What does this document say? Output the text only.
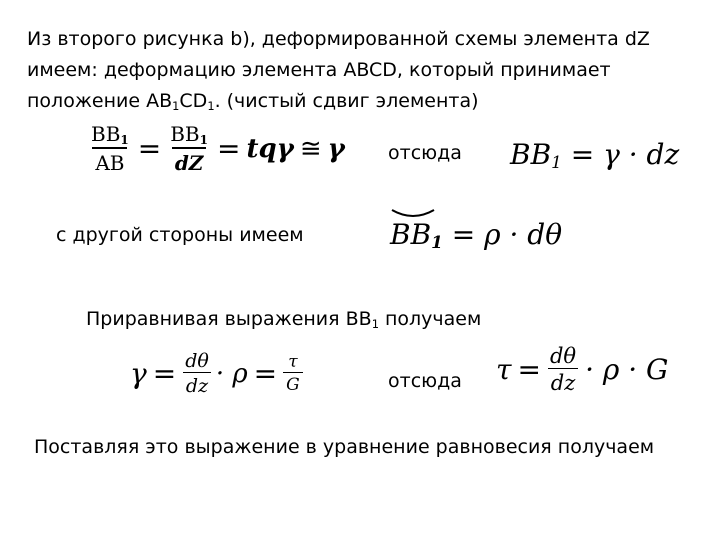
Из второго рисунка b), деформированной схемы элемента dZ
имеем: деформацию элемента ABCD, который принимает
положение $AB_1CD_1$. (чистый сдвиг элемента)
$\frac{BB_1}{AB} = \frac{BB_1}{dZ} = tq\gamma$ ≅ γ отсюда $BB_1 = \gamma$ · dz
с другой стороны имеем	$BB_1 = \rho \cdot d\theta$
Приравнивая выражения $BB_1$ получаем
$\gamma = \frac{d\theta}{dz} \cdot \rho = \frac{\tau}{G}$	отсюда $\tau = \frac{d\theta}{dz} \cdot \rho \cdot G$
Поставляя это выражение в уравнение равновесия получаем
